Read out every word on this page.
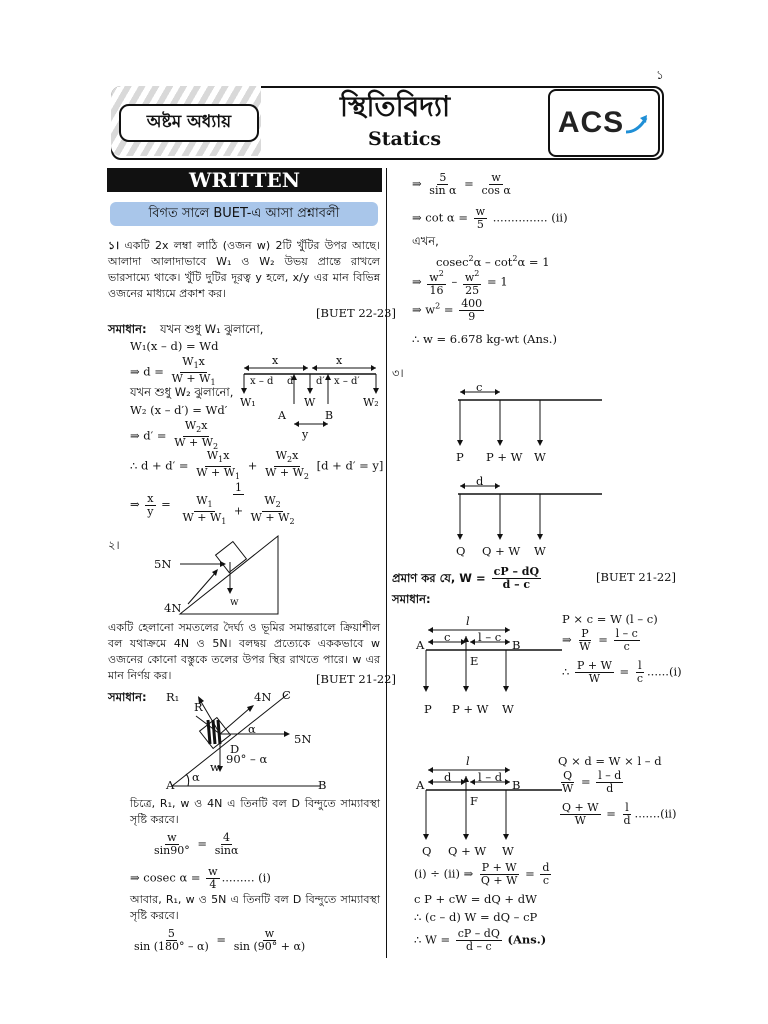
১
অষ্টম অধ্যায়	স্থিতিবিদ্যা
Statics	ACS
WRITTEN
বিগত সালে BUET-এ আসা প্রশ্নাবলী
১। একটি 2x লম্বা লাঠি (ওজন w) 2টি খুঁটির উপর আছে। আলাদা আলাদাভাবে W₁ ও W₂ উভয় প্রান্তে রাখলে ভারসাম্যে থাকে। খুঁটি দুটির দূরত্ব y হলে, x/y এর মান বিভিন্ন ওজনের মাধ্যমে প্রকাশ কর।
[BUET 22-23]
সমাধান: যখন শুধু W₁ ঝুলানো,
W₁(x – d) = Wd
⇒ $d = \frac{W_1x}{W + W_1}$
যখন শুধু W₂ ঝুলানো,
W₂ (x – d′) = Wd′
⇒ $d' = \frac{W_2x}{W + W_2}$
∴ $d + d' = \frac{W_1x}{W + W_1} + \frac{W_2x}{W + W_2} [d + d' = y]$
⇒ $\frac{x}{y} = \frac{1}{\frac{W_1}{W + W_1} + \frac{W_2}{W + W_2}}$
x	x
x – d d d′ x – d′
W₁	W	W₂
A	B
y
২।
5N
4N	w
একটি হেলানো সমতলের দৈর্ঘ্য ও ভূমির সমান্তরালে ক্রিয়াশীল বল যথাক্রমে 4N ও 5N। বলদ্বয় প্রত্যেকে এককভাবে w ওজনের কোনো বস্তুকে তলের উপর স্থির রাখতে পারে। w এর মান নির্ণয় কর।	[BUET 21-22]
সমাধান: R₁
R
4N C
α
5N
D
90° – α
w
A
α
B
চিত্রে, R₁, w ও 4N এ তিনটি বল D বিন্দুতে সাম্যাবস্থা সৃষ্টি করবে।
$\frac{w}{\sin 90^\circ} = \frac{4}{\sin\alpha}$
⇒ cosec $\alpha = \frac{w}{4}$ ......... (i)
আবার, R₁, w ও 5N এ তিনটি বল D বিন্দুতে সাম্যাবস্থা সৃষ্টি করবে।
$\frac{5}{\sin (180^\circ - \alpha)} = \frac{w}{\sin (90^\circ + \alpha)}$
⇒ $\frac{5}{\text{sin α}} = \frac{w}{\text{cos α}}$
⇒ $\cot \alpha = \frac{w}{5}$ ............... (ii)
এখন,
$cosec^2\alpha - \cot^2\alpha = 1$
⇒ $\frac{w^2}{16} - \frac{w^2}{25} = 1$
⇒ $w^2 = \frac{400}{9}$
∴ w = 6.678 kg-wt (Ans.)
৩।
c
P P + W W
d
Q Q + W W
প্রমাণ কর যে, $W = \frac{cP - dQ}{d - c}$	[BUET 21-22]
সমাধান:
l
A
c l – c
B
E
P P + W W
P × c = W (l – c)
⇒ $\frac{P}{W} = \frac{l - c}{c}$
∴ $\frac{P + W}{W} = \frac{l}{c} ......(i)$
l
A
d l – d
B
F
Q Q + W W
Q × d = W × l – d
$\frac{Q}{W} = \frac{l - d}{d}$
$\frac{Q + W}{W} = \frac{l}{d} .......(ii)$
(i) ÷ (ii) ⇒ $\frac{P + W}{Q + W} = \frac{d}{c}$
c P + cW = dQ + dW
∴ (c – d) W = dQ – cP
∴ $W = \frac{cP - dQ}{d - c} (Ans.)$
